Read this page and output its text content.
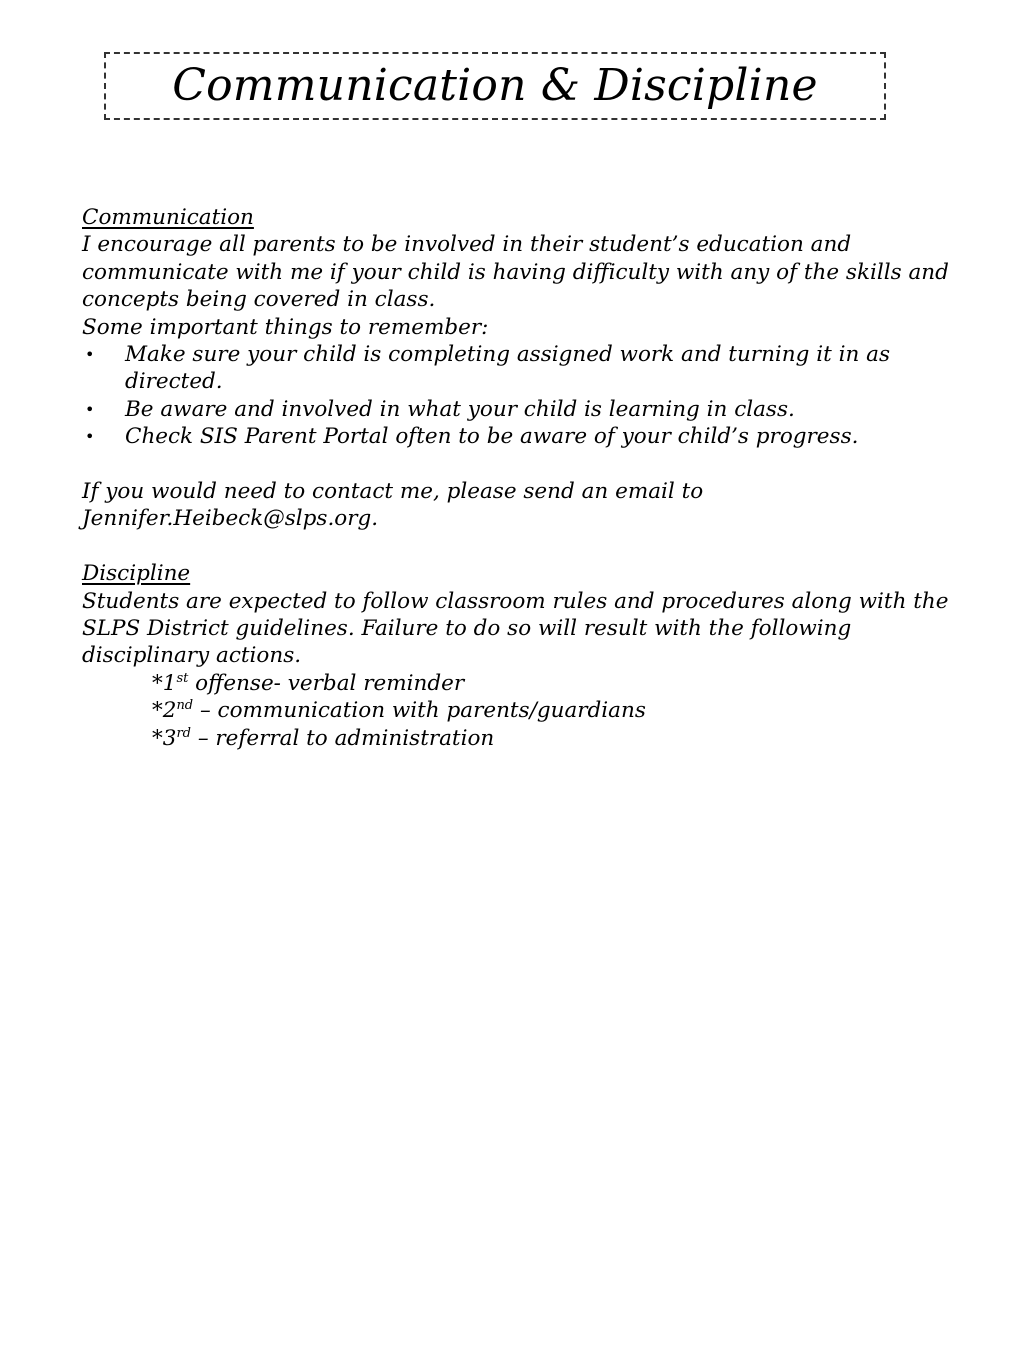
Communication & Discipline

Communication

I encourage all parents to be involved in their student’s education and communicate with me if your child is having difficulty with any of the skills and concepts being covered in class.

Some important things to remember:

• Make sure your child is completing assigned work and turning it in as directed.
• Be aware and involved in what your child is learning in class.
• Check SIS Parent Portal often to be aware of your child’s progress.

If you would need to contact me, please send an email to Jennifer.Heibeck@slps.org.

Discipline

Students are expected to follow classroom rules and procedures along with the SLPS District guidelines. Failure to do so will result with the following disciplinary actions.

*1st offense- verbal reminder

*2nd – communication with parents/guardians

*3rd – referral to administration
